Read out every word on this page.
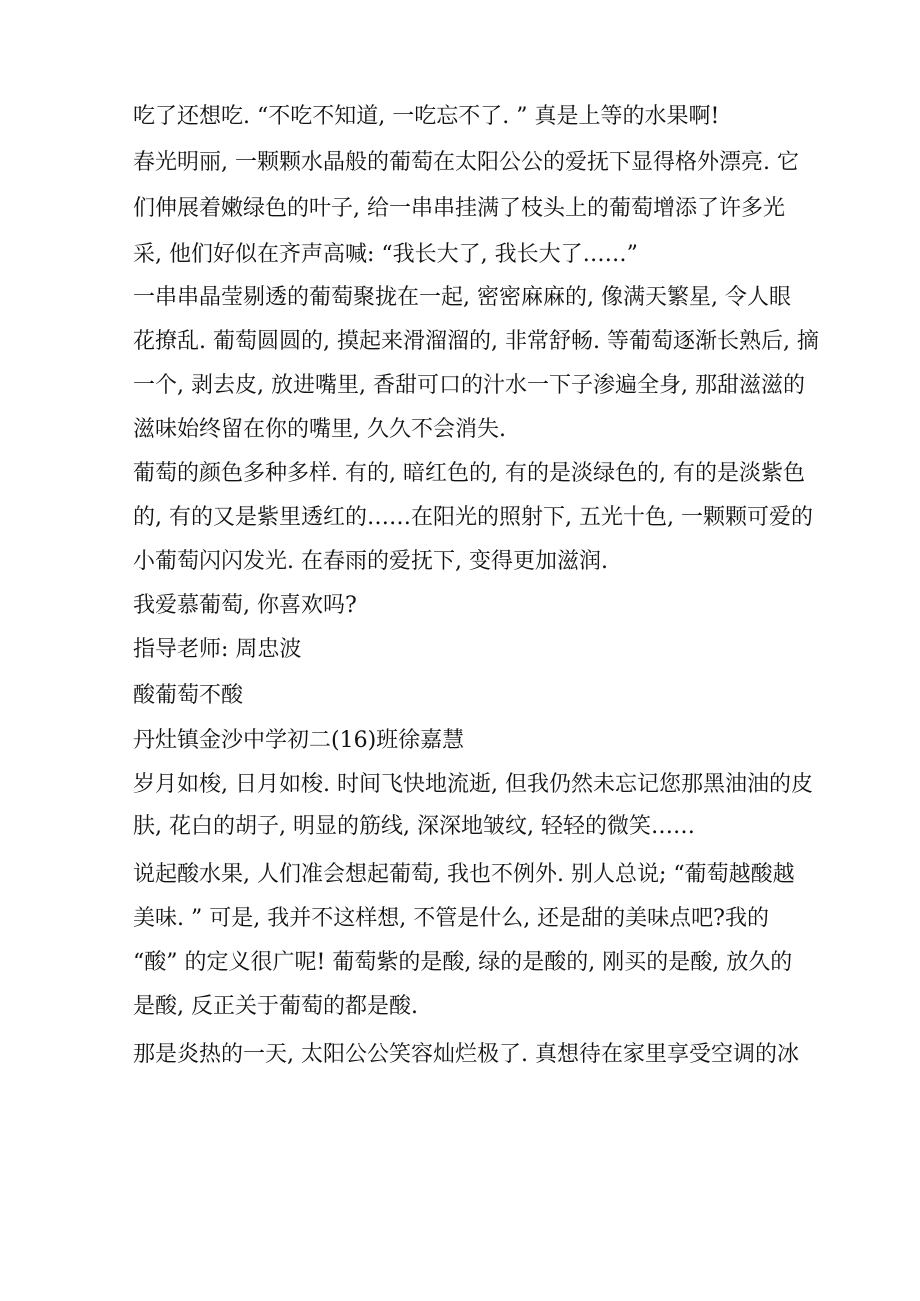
吃了还想吃. “不吃不知道, 一吃忘不了. ” 真是上等的水果啊!
春光明丽, 一颗颗水晶般的葡萄在太阳公公的爱抚下显得格外漂亮. 它
们伸展着嫩绿色的叶子, 给一串串挂满了枝头上的葡萄增添了许多光
采, 他们好似在齐声高喊: “我长大了, 我长大了……”
一串串晶莹剔透的葡萄聚拢在一起, 密密麻麻的, 像满天繁星, 令人眼
花撩乱. 葡萄圆圆的, 摸起来滑溜溜的, 非常舒畅. 等葡萄逐渐长熟后, 摘
一个, 剥去皮, 放进嘴里, 香甜可口的汁水一下子渗遍全身, 那甜滋滋的
滋味始终留在你的嘴里, 久久不会消失.
葡萄的颜色多种多样. 有的, 暗红色的, 有的是淡绿色的, 有的是淡紫色
的, 有的又是紫里透红的……在阳光的照射下, 五光十色, 一颗颗可爱的
小葡萄闪闪发光. 在春雨的爱抚下, 变得更加滋润.
我爱慕葡萄, 你喜欢吗?
指导老师: 周忠波
酸葡萄不酸
丹灶镇金沙中学初二(16)班徐嘉慧
岁月如梭, 日月如梭. 时间飞快地流逝, 但我仍然未忘记您那黑油油的皮
肤, 花白的胡子, 明显的筋线, 深深地皱纹, 轻轻的微笑……
说起酸水果, 人们准会想起葡萄, 我也不例外. 别人总说; “葡萄越酸越
美味. ” 可是, 我并不这样想, 不管是什么, 还是甜的美味点吧?我的
“酸” 的定义很广呢! 葡萄紫的是酸, 绿的是酸的, 刚买的是酸, 放久的
是酸, 反正关于葡萄的都是酸.
那是炎热的一天, 太阳公公笑容灿烂极了. 真想待在家里享受空调的冰
